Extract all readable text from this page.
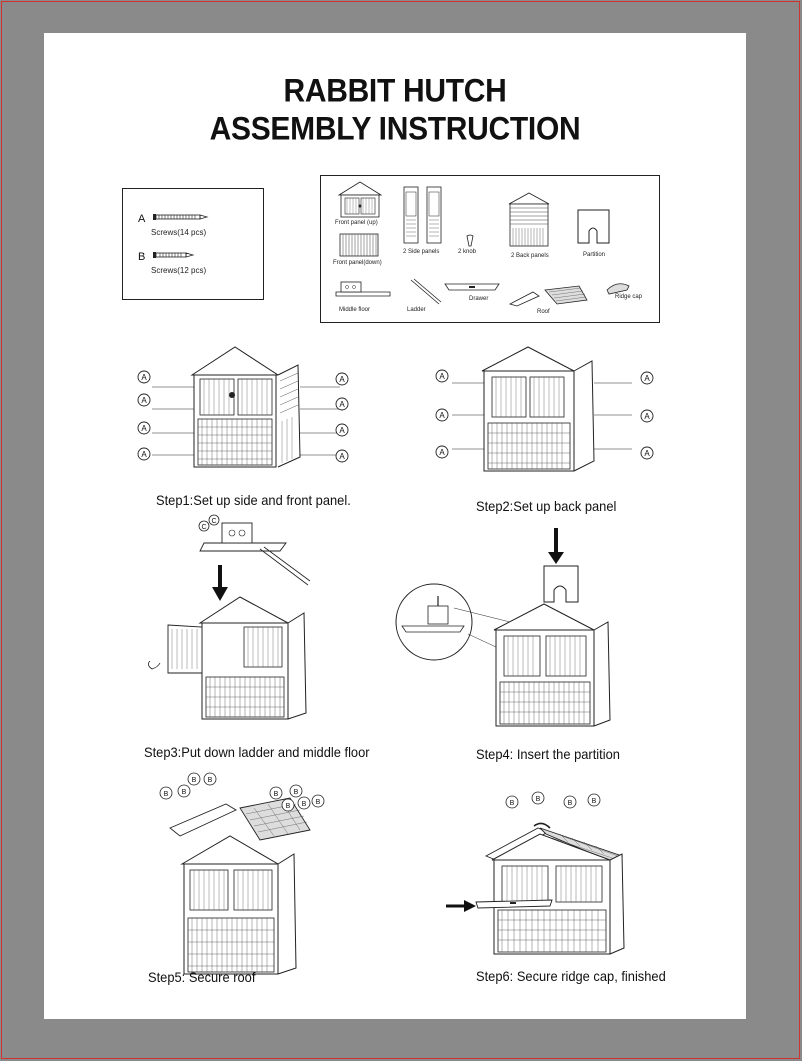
RABBIT HUTCH
ASSEMBLY INSTRUCTION
A
Screws(14 pcs)
B
Screws(12 pcs)
Front panel (up)
Front panel(down)
2 Side panels	2 knob
2 Back panels	Partition
Middle floor	Ladder
Drawer
Roof
Ridge cap
A
A
A
A
A
A
A
A
Step1:Set up side and front panel.
A
A
A
A
A
A
Step2:Set up back panel
C
C
Step3:Put down ladder and middle floor	Step4: Insert the partition
B B
B B
B
B
B
B B
Step5: Secure roof
B
B
B	B
Step6: Secure ridge cap, finished
